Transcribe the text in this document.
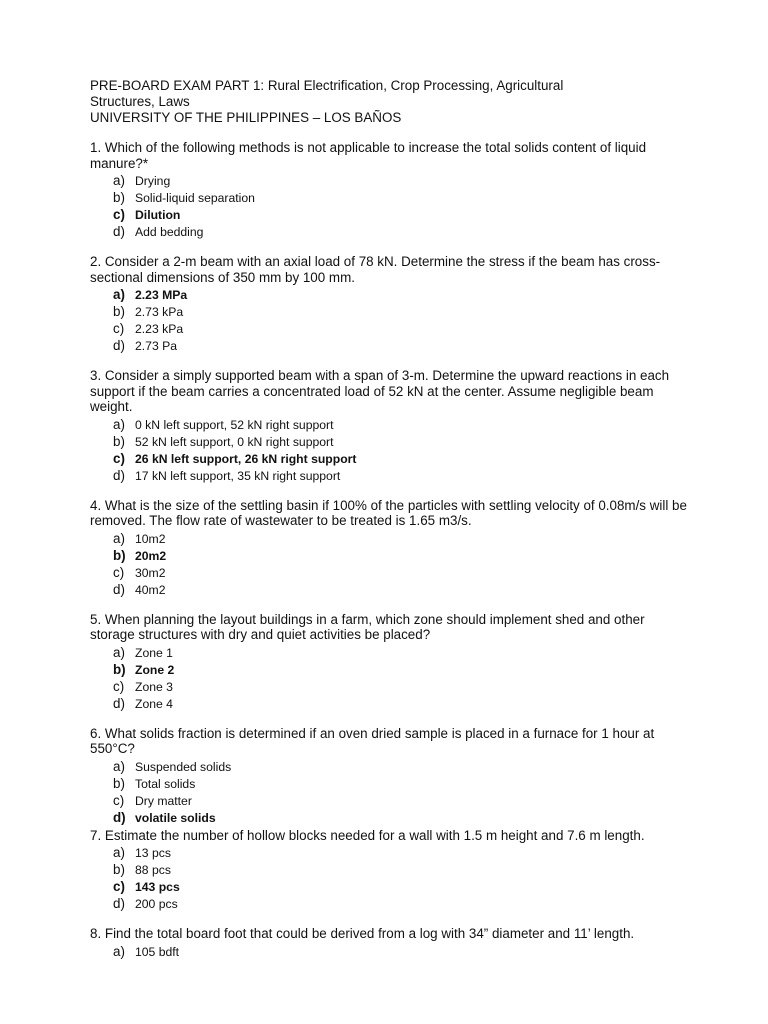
PRE-BOARD EXAM PART 1: Rural Electrification, Crop Processing, Agricultural

Structures, Laws

UNIVERSITY OF THE PHILIPPINES – LOS BAÑOS

1. Which of the following methods is not applicable to increase the total solids content of liquid manure?*

a) Drying
b) Solid-liquid separation
c) Dilution
d) Add bedding

2. Consider a 2-m beam with an axial load of 78 kN. Determine the stress if the beam has cross-sectional dimensions of 350 mm by 100 mm.

a) 2.23 MPa
b) 2.73 kPa
c) 2.23 kPa
d) 2.73 Pa

3. Consider a simply supported beam with a span of 3-m. Determine the upward reactions in each support if the beam carries a concentrated load of 52 kN at the center. Assume negligible beam weight.

a) 0 kN left support, 52 kN right support
b) 52 kN left support, 0 kN right support
c) 26 kN left support, 26 kN right support
d) 17 kN left support, 35 kN right support

4. What is the size of the settling basin if 100% of the particles with settling velocity of 0.08m/s will be removed. The flow rate of wastewater to be treated is 1.65 m3/s.

a) 10m2
b) 20m2
c) 30m2
d) 40m2

5. When planning the layout buildings in a farm, which zone should implement shed and other storage structures with dry and quiet activities be placed?

a) Zone 1
b) Zone 2
c) Zone 3
d) Zone 4

6. What solids fraction is determined if an oven dried sample is placed in a furnace for 1 hour at 550°C?

a) Suspended solids
b) Total solids
c) Dry matter
d) volatile solids

7. Estimate the number of hollow blocks needed for a wall with 1.5 m height and 7.6 m length.

a) 13 pcs
b) 88 pcs
c) 143 pcs
d) 200 pcs

8. Find the total board foot that could be derived from a log with 34” diameter and 11’ length.

a) 105 bdft
